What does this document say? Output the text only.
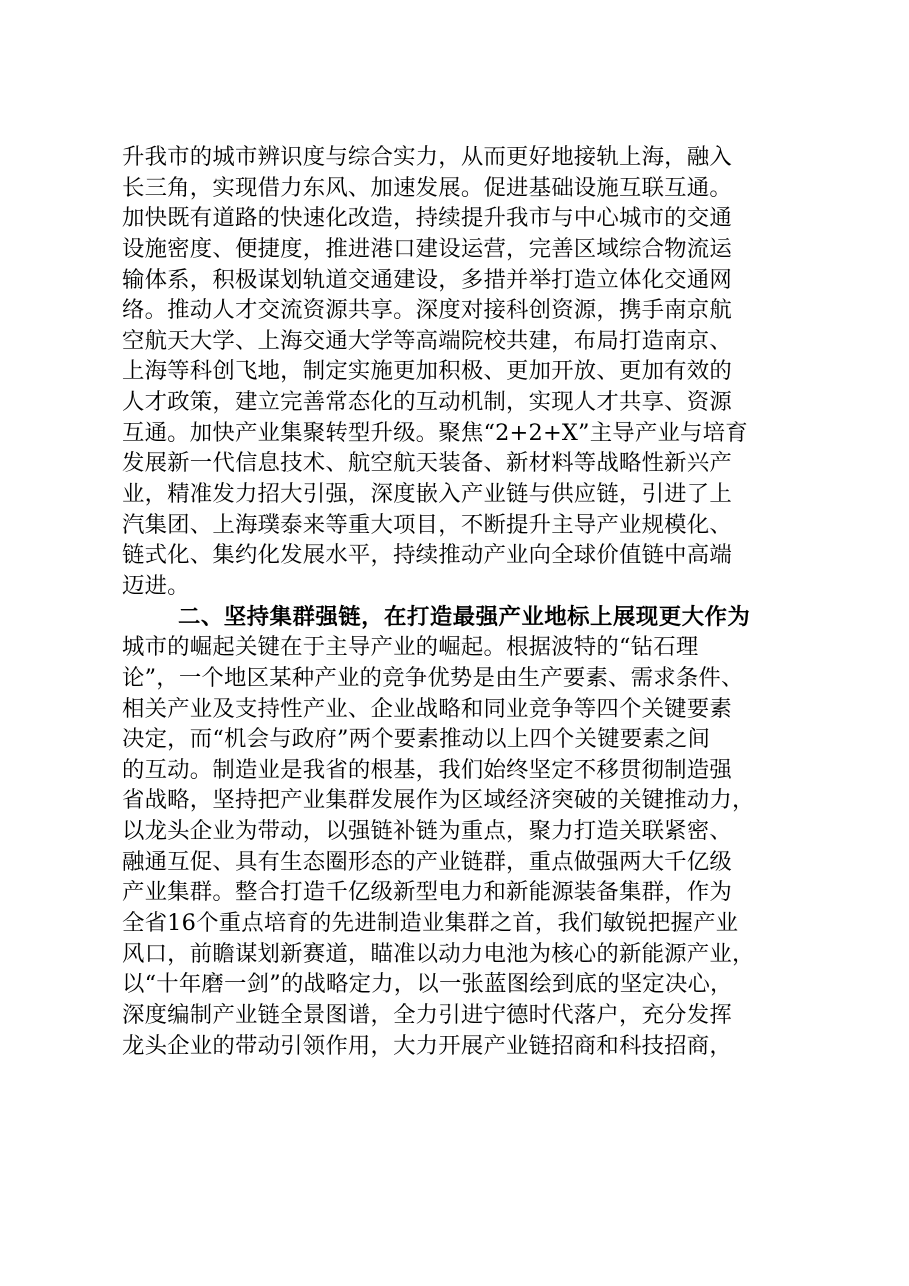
升我市的城市辨识度与综合实力，从而更好地接轨上海，融入
长三角，实现借力东风、加速发展。促进基础设施互联互通。
加快既有道路的快速化改造，持续提升我市与中心城市的交通
设施密度、便捷度，推进港口建设运营，完善区域综合物流运
输体系，积极谋划轨道交通建设，多措并举打造立体化交通网
络。推动人才交流资源共享。深度对接科创资源，携手南京航
空航天大学、上海交通大学等高端院校共建，布局打造南京、
上海等科创飞地，制定实施更加积极、更加开放、更加有效的
人才政策，建立完善常态化的互动机制，实现人才共享、资源
互通。加快产业集聚转型升级。聚焦“2+2+X”主导产业与培育
发展新一代信息技术、航空航天装备、新材料等战略性新兴产
业，精准发力招大引强，深度嵌入产业链与供应链，引进了上
汽集团、上海璞泰来等重大项目，不断提升主导产业规模化、
链式化、集约化发展水平，持续推动产业向全球价值链中高端
迈进。
二、坚持集群强链，在打造最强产业地标上展现更大作为
城市的崛起关键在于主导产业的崛起。根据波特的“钻石理
论”，一个地区某种产业的竞争优势是由生产要素、需求条件、
相关产业及支持性产业、企业战略和同业竞争等四个关键要素
决定，而“机会与政府”两个要素推动以上四个关键要素之间
的互动。制造业是我省的根基，我们始终坚定不移贯彻制造强
省战略，坚持把产业集群发展作为区域经济突破的关键推动力，
以龙头企业为带动，以强链补链为重点，聚力打造关联紧密、
融通互促、具有生态圈形态的产业链群，重点做强两大千亿级
产业集群。整合打造千亿级新型电力和新能源装备集群，作为
全省16个重点培育的先进制造业集群之首，我们敏锐把握产业
风口，前瞻谋划新赛道，瞄准以动力电池为核心的新能源产业，
以“十年磨一剑”的战略定力，以一张蓝图绘到底的坚定决心，
深度编制产业链全景图谱，全力引进宁德时代落户，充分发挥
龙头企业的带动引领作用，大力开展产业链招商和科技招商，
